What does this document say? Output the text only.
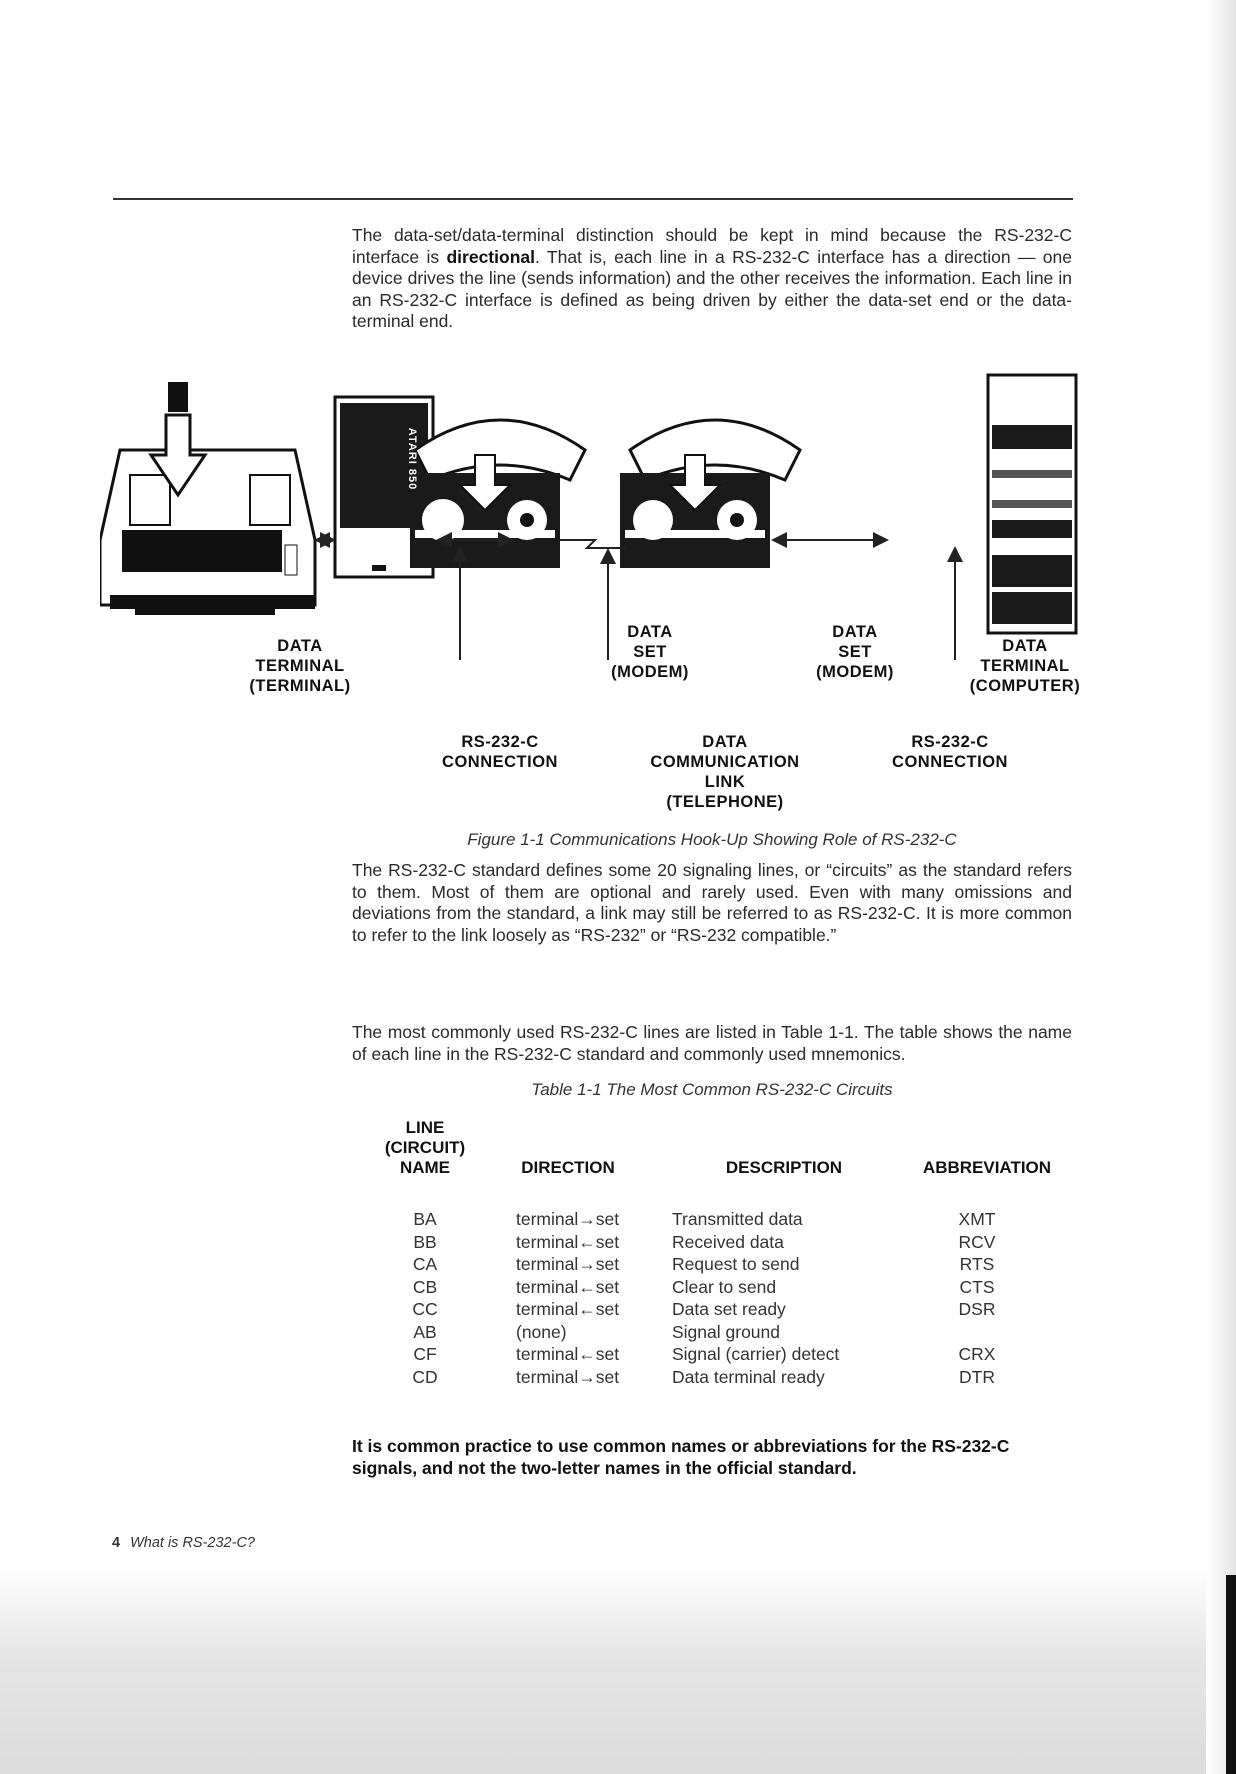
The data-set/data-terminal distinction should be kept in mind because the RS-232-C interface is directional. That is, each line in a RS-232-C interface has a direction — one device drives the line (sends information) and the other receives the information. Each line in an RS-232-C interface is defined as being driven by either the data-set end or the data-terminal end.

ATARI 850
DATA
TERMINAL
(TERMINAL)
DATA
SET
(MODEM)
DATA
SET
(MODEM)
DATA
TERMINAL
(COMPUTER)
RS-232-C
CONNECTION
DATA
COMMUNICATION
LINK
(TELEPHONE)
RS-232-C
CONNECTION
Figure 1-1 Communications Hook-Up Showing Role of RS-232-C

The RS-232-C standard defines some 20 signaling lines, or “circuits” as the standard refers to them. Most of them are optional and rarely used. Even with many omissions and deviations from the standard, a link may still be referred to as RS-232-C. It is more common to refer to the link loosely as “RS-232” or “RS-232 compatible.”

The most commonly used RS-232-C lines are listed in Table 1-1. The table shows the name of each line in the RS-232-C standard and commonly used mnemonics.

Table 1-1 The Most Common RS-232-C Circuits
LINE
(CIRCUIT)
NAME	DIRECTION	DESCRIPTION	ABBREVIATION
BA	terminal→set	Transmitted data	XMT
BB	terminal←set	Received data	RCV
CA	terminal→set	Request to send	RTS
CB	terminal←set	Clear to send	CTS
CC	terminal←set	Data set ready	DSR
AB	(none)	Signal ground	
CF	terminal←set	Signal (carrier) detect	CRX
CD	terminal→set	Data terminal ready	DTR
It is common practice to use common names or abbreviations for the RS-232-C signals, and not the two-letter names in the official standard.
4 What is RS-232-C?
